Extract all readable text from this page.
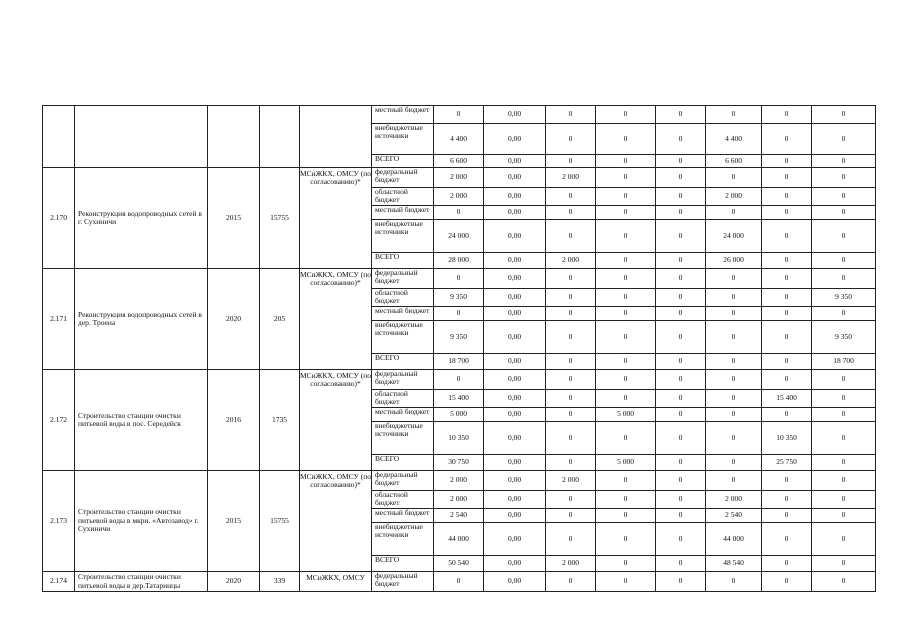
					местный бюджет	0	0,00	0	0	0	0	0	0
					внебюджетные источники	4 400	0,00	0	0	0	4 400	0	0
					ВСЕГО	6 600	0,00	0	0	0	6 600	0	0
2.170	Реконструкция водопроводных сетей в г. Сухиничи	2015	15755	МСиЖКХ, ОМСУ (по согласованию)*	федеральный бюджет	2 000	0,00	2 000	0	0	0	0	0
					областной бюджет	2 000	0,00	0	0	0	2 000	0	0
					местный бюджет	0	0,00	0	0	0	0	0	0
					внебюджетные источники	24 000	0,00	0	0	0	24 000	0	0
					ВСЕГО	28 000	0,00	2 000	0	0	26 000	0	0
2.171	Реконструкция водопроводных сетей в дер. Троена	2020	205	МСиЖКХ, ОМСУ (по согласованию)*	федеральный бюджет	0	0,00	0	0	0	0	0	0
					областной бюджет	9 350	0,00	0	0	0	0	0	9 350
					местный бюджет	0	0,00	0	0	0	0	0	0
					внебюджетные источники	9 350	0,00	0	0	0	0	0	9 350
					ВСЕГО	18 700	0,00	0	0	0	0	0	18 700
2.172	Строительство станции очистки питьевой воды в пос. Середейск	2016	1735	МСиЖКХ, ОМСУ (по согласованию)*	федеральный бюджет	0	0,00	0	0	0	0	0	0
					областной бюджет	15 400	0,00	0	0	0	0	15 400	0
					местный бюджет	5 000	0,00	0	5 000	0	0	0	0
					внебюджетные источники	10 350	0,00	0	0	0	0	10 350	0
					ВСЕГО	30 750	0,00	0	5 000	0	0	25 750	0
2.173	Строительство станции очистки питьевой воды в мкрн. «Автозавод» г. Сухиничи	2015	15755	МСиЖКХ, ОМСУ (по согласованию)*	федеральный бюджет	2 000	0,00	2 000	0	0	0	0	0
					областной бюджет	2 000	0,00	0	0	0	2 000	0	0
					местный бюджет	2 540	0,00	0	0	0	2 540	0	0
					внебюджетные источники	44 000	0,00	0	0	0	44 000	0	0
					ВСЕГО	50 540	0,00	2 000	0	0	48 540	0	0
2.174	Строительство станции очистки питьевой воды в дер.Татаринцы	2020	339	МСиЖКХ, ОМСУ	федеральный бюджет	0	0,00	0	0	0	0	0	0
